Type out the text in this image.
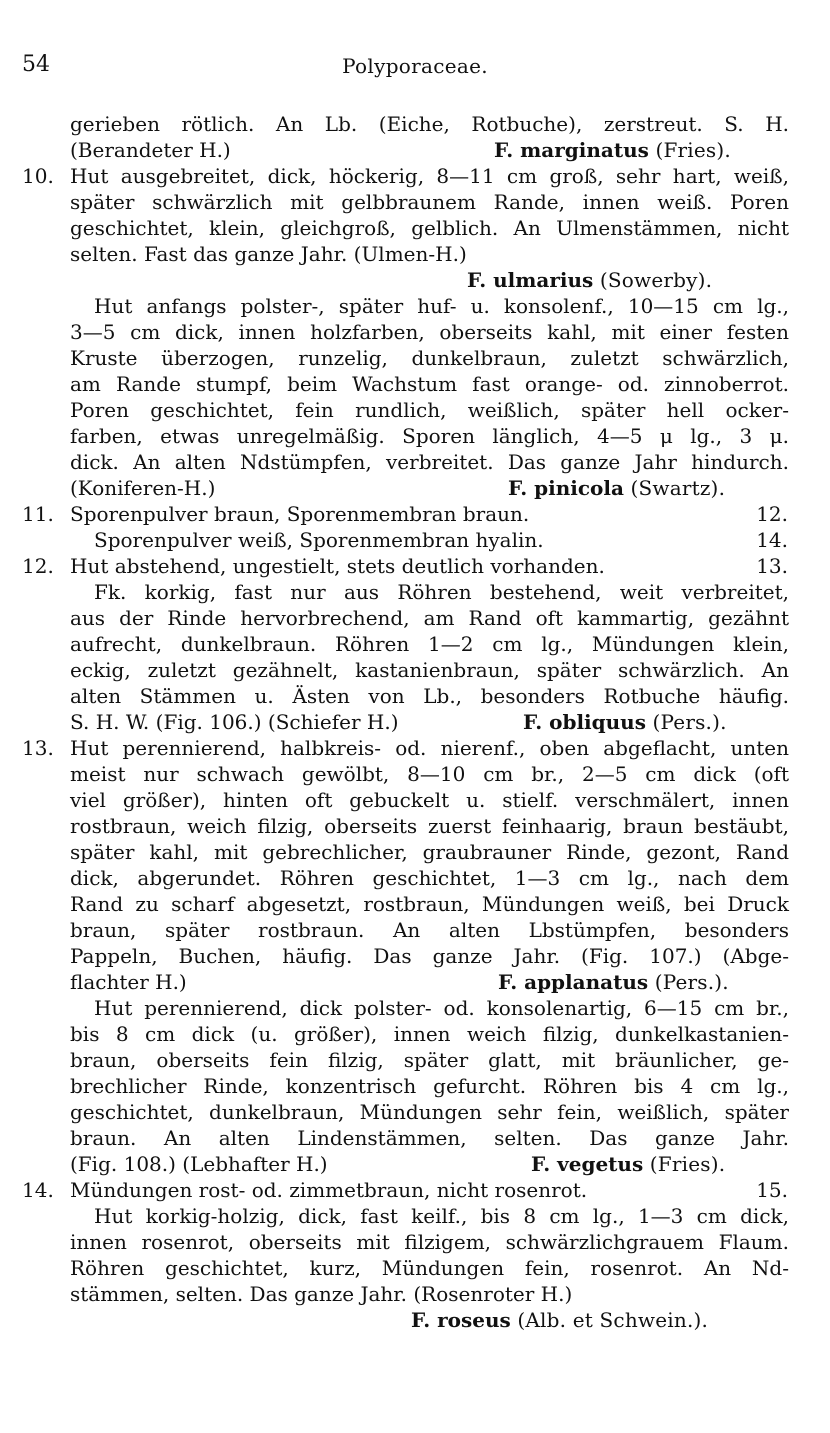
54	Polyporaceae.
gerieben rötlich. An Lb. (Eiche, Rotbuche), zerstreut. S. H.
(Berandeter H.)	F. marginatus (Fries).
10. Hut ausgebreitet, dick, höckerig, 8—11 cm groß, sehr hart, weiß,
später schwärzlich mit gelbbraunem Rande, innen weiß. Poren
geschichtet, klein, gleichgroß, gelblich. An Ulmenstämmen, nicht
selten. Fast das ganze Jahr. (Ulmen-H.)
F. ulmarius (Sowerby).
Hut anfangs polster-, später huf- u. konsolenf., 10—15 cm lg.,
3—5 cm dick, innen holzfarben, oberseits kahl, mit einer festen
Kruste überzogen, runzelig, dunkelbraun, zuletzt schwärzlich,
am Rande stumpf, beim Wachstum fast orange- od. zinnoberrot.
Poren geschichtet, fein rundlich, weißlich, später hell ocker-
farben, etwas unregelmäßig. Sporen länglich, 4—5 μ lg., 3 μ.
dick. An alten Ndstümpfen, verbreitet. Das ganze Jahr hindurch.
(Koniferen-H.)	F. pinicola (Swartz).
11. Sporenpulver braun, Sporenmembran braun.	12.
Sporenpulver weiß, Sporenmembran hyalin.	14.
12. Hut abstehend, ungestielt, stets deutlich vorhanden.	13.
Fk. korkig, fast nur aus Röhren bestehend, weit verbreitet,
aus der Rinde hervorbrechend, am Rand oft kammartig, gezähnt
aufrecht, dunkelbraun. Röhren 1—2 cm lg., Mündungen klein,
eckig, zuletzt gezähnelt, kastanienbraun, später schwärzlich. An
alten Stämmen u. Ästen von Lb., besonders Rotbuche häufig.
S. H. W. (Fig. 106.) (Schiefer H.)	F. obliquus (Pers.).
13. Hut perennierend, halbkreis- od. nierenf., oben abgeflacht, unten
meist nur schwach gewölbt, 8—10 cm br., 2—5 cm dick (oft
viel größer), hinten oft gebuckelt u. stielf. verschmälert, innen
rostbraun, weich filzig, oberseits zuerst feinhaarig, braun bestäubt,
später kahl, mit gebrechlicher, graubrauner Rinde, gezont, Rand
dick, abgerundet. Röhren geschichtet, 1—3 cm lg., nach dem
Rand zu scharf abgesetzt, rostbraun, Mündungen weiß, bei Druck
braun, später rostbraun. An alten Lbstümpfen, besonders
Pappeln, Buchen, häufig. Das ganze Jahr. (Fig. 107.) (Abge-
flachter H.)	F. applanatus (Pers.).
Hut perennierend, dick polster- od. konsolenartig, 6—15 cm br.,
bis 8 cm dick (u. größer), innen weich filzig, dunkelkastanien-
braun, oberseits fein filzig, später glatt, mit bräunlicher, ge-
brechlicher Rinde, konzentrisch gefurcht. Röhren bis 4 cm lg.,
geschichtet, dunkelbraun, Mündungen sehr fein, weißlich, später
braun. An alten Lindenstämmen, selten. Das ganze Jahr.
(Fig. 108.) (Lebhafter H.)	F. vegetus (Fries).
14. Mündungen rost- od. zimmetbraun, nicht rosenrot.	15.
Hut korkig-holzig, dick, fast keilf., bis 8 cm lg., 1—3 cm dick,
innen rosenrot, oberseits mit filzigem, schwärzlichgrauem Flaum.
Röhren geschichtet, kurz, Mündungen fein, rosenrot. An Nd-
stämmen, selten. Das ganze Jahr. (Rosenroter H.)
F. roseus (Alb. et Schwein.).
